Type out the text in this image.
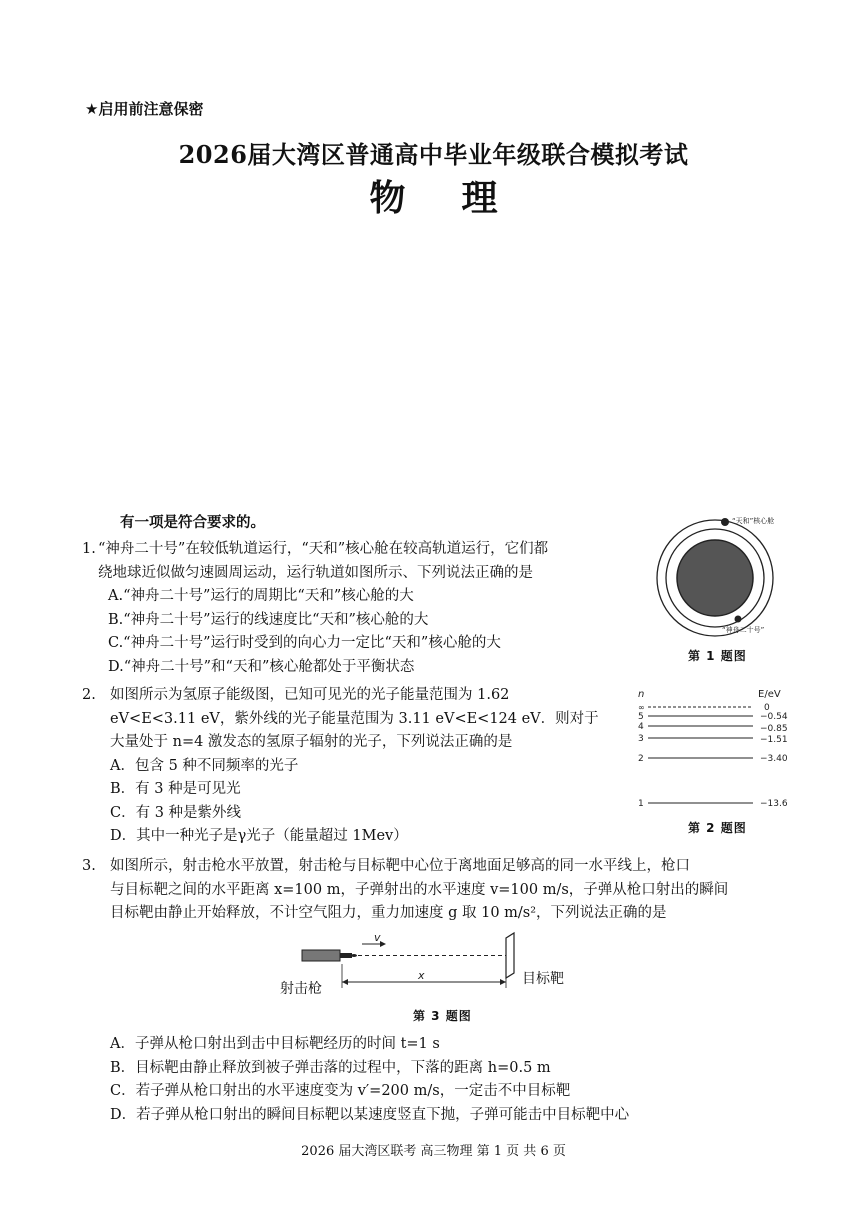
★启用前注意保密
2026届大湾区普通高中毕业年级联合模拟考试
物 理
有一项是符合要求的。
1. “神舟二十号”在较低轨道运行，“天和”核心舱在较高轨道运行，它们都
绕地球近似做匀速圆周运动，运行轨道如图所示、下列说法正确的是
A.“神舟二十号”运行的周期比“天和”核心舱的大
B.“神舟二十号”运行的线速度比“天和”核心舱的大
C.“神舟二十号”运行时受到的向心力一定比“天和”核心舱的大
D.“神舟二十号”和“天和”核心舱都处于平衡状态
“天和”核心舱
“神舟二十号”
第 1 题图
2. 如图所示为氢原子能级图，已知可见光的光子能量范围为 1.62
eV<E<3.11 eV，紫外线的光子能量范围为 3.11 eV<E<124 eV．则对于
大量处于 n=4 激发态的氢原子辐射的光子，下列说法正确的是
A．包含 5 种不同频率的光子
B．有 3 种是可见光
C．有 3 种是紫外线
D．其中一种光子是γ光子（能量超过 1Mev）
n	E/eV
∞	0
5	−0.54
4	−0.85
3	−1.51
2	−3.40
1	−13.6
第 2 题图
3. 如图所示，射击枪水平放置，射击枪与目标靶中心位于离地面足够高的同一水平线上，枪口
与目标靶之间的水平距离 x=100 m，子弹射出的水平速度 v=100 m/s，子弹从枪口射出的瞬间
目标靶由静止开始释放，不计空气阻力，重力加速度 g 取 10 m/s²，下列说法正确的是
v
x
射击枪
目标靶
第 3 题图
A．子弹从枪口射出到击中目标靶经历的时间 t=1 s
B．目标靶由静止释放到被子弹击落的过程中，下落的距离 h=0.5 m
C．若子弹从枪口射出的水平速度变为 v′=200 m/s，一定击不中目标靶
D．若子弹从枪口射出的瞬间目标靶以某速度竖直下抛，子弹可能击中目标靶中心
2026 届大湾区联考 高三物理 第 1 页 共 6 页
